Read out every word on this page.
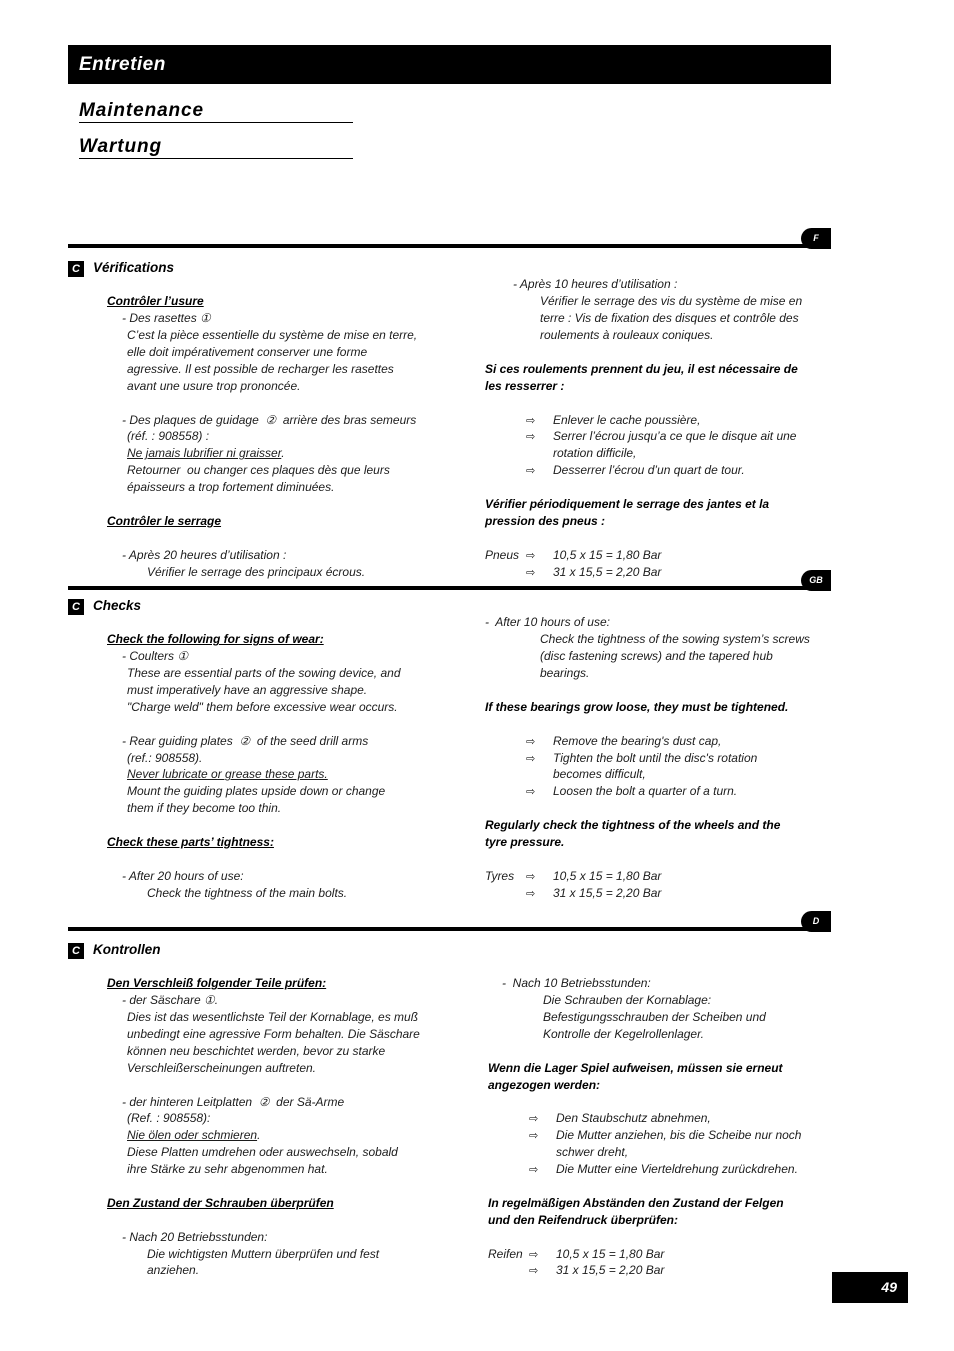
Entretien
Maintenance
Wartung
F
C Vérifications
Contrôler l’usure
- Des rasettes ①
C’est la pièce essentielle du système de mise en terre,
elle doit impérativement conserver une forme
agressive. Il est possible de recharger les rasettes
avant une usure trop prononcée.
- Des plaques de guidage  ②  arrière des bras semeurs
(réf. : 908558) :
Ne jamais lubrifier ni graisser.
Retourner  ou changer ces plaques dès que leurs
épaisseurs a trop fortement diminuées.
Contrôler le serrage
- Après 20 heures d’utilisation :
Vérifier le serrage des principaux écrous.
- Après 10 heures d’utilisation :
Vérifier le serrage des vis du système de mise en
terre : Vis de fixation des disques et contrôle des
roulements à rouleaux coniques.
Si ces roulements prennent du jeu, il est nécessaire de
les resserrer :
⇨ Enlever le cache poussière,
⇨ Serrer l’écrou jusqu’a ce que le disque ait une
rotation difficile,
⇨ Desserrer l’écrou d’un quart de tour.
Vérifier périodiquement le serrage des jantes et la
pression des pneus :
Pneus ⇨ 10,5 x 15 = 1,80 Bar
⇨ 31 x 15,5 = 2,20 Bar
GB
C Checks
Check the following for signs of wear:
- Coulters ①
These are essential parts of the sowing device, and
must imperatively have an aggressive shape.
"Charge weld" them before excessive wear occurs.
- Rear guiding plates  ②  of the seed drill arms
(ref.: 908558).
Never lubricate or grease these parts.
Mount the guiding plates upside down or change
them if they become too thin.
Check these parts’ tightness:
- After 20 hours of use:
Check the tightness of the main bolts.
-  After 10 hours of use:
Check the tightness of the sowing system’s screws
(disc fastening screws) and the tapered hub
bearings.
If these bearings grow loose, they must be tightened.
⇨ Remove the bearing's dust cap,
⇨ Tighten the bolt until the disc's rotation
becomes difficult,
⇨ Loosen the bolt a quarter of a turn.
Regularly check the tightness of the wheels and the
tyre pressure.
Tyres ⇨ 10,5 x 15 = 1,80 Bar
⇨ 31 x 15,5 = 2,20 Bar
D
C Kontrollen
Den Verschleiß folgender Teile prüfen:
- der Säschare ①.
Dies ist das wesentlichste Teil der Kornablage, es muß
unbedingt eine agressive Form behalten. Die Säschare
können neu beschichtet werden, bevor zu starke
Verschleißerscheinungen auftreten.
- der hinteren Leitplatten  ②  der Sä-Arme
(Ref. : 908558):
Nie ölen oder schmieren.
Diese Platten umdrehen oder auswechseln, sobald
ihre Stärke zu sehr abgenommen hat.
Den Zustand der Schrauben überprüfen
- Nach 20 Betriebsstunden:
Die wichtigsten Muttern überprüfen und fest
anziehen.
-  Nach 10 Betriebsstunden:
Die Schrauben der Kornablage:
Befestigungsschrauben der Scheiben und
Kontrolle der Kegelrollenlager.
Wenn die Lager Spiel aufweisen, müssen sie erneut
angezogen werden:
⇨ Den Staubschutz abnehmen,
⇨ Die Mutter anziehen, bis die Scheibe nur noch
schwer dreht,
⇨ Die Mutter eine Vierteldrehung zurückdrehen.
In regelmäßigen Abständen den Zustand der Felgen
und den Reifendruck überprüfen:
Reifen ⇨ 10,5 x 15 = 1,80 Bar
⇨ 31 x 15,5 = 2,20 Bar
49
